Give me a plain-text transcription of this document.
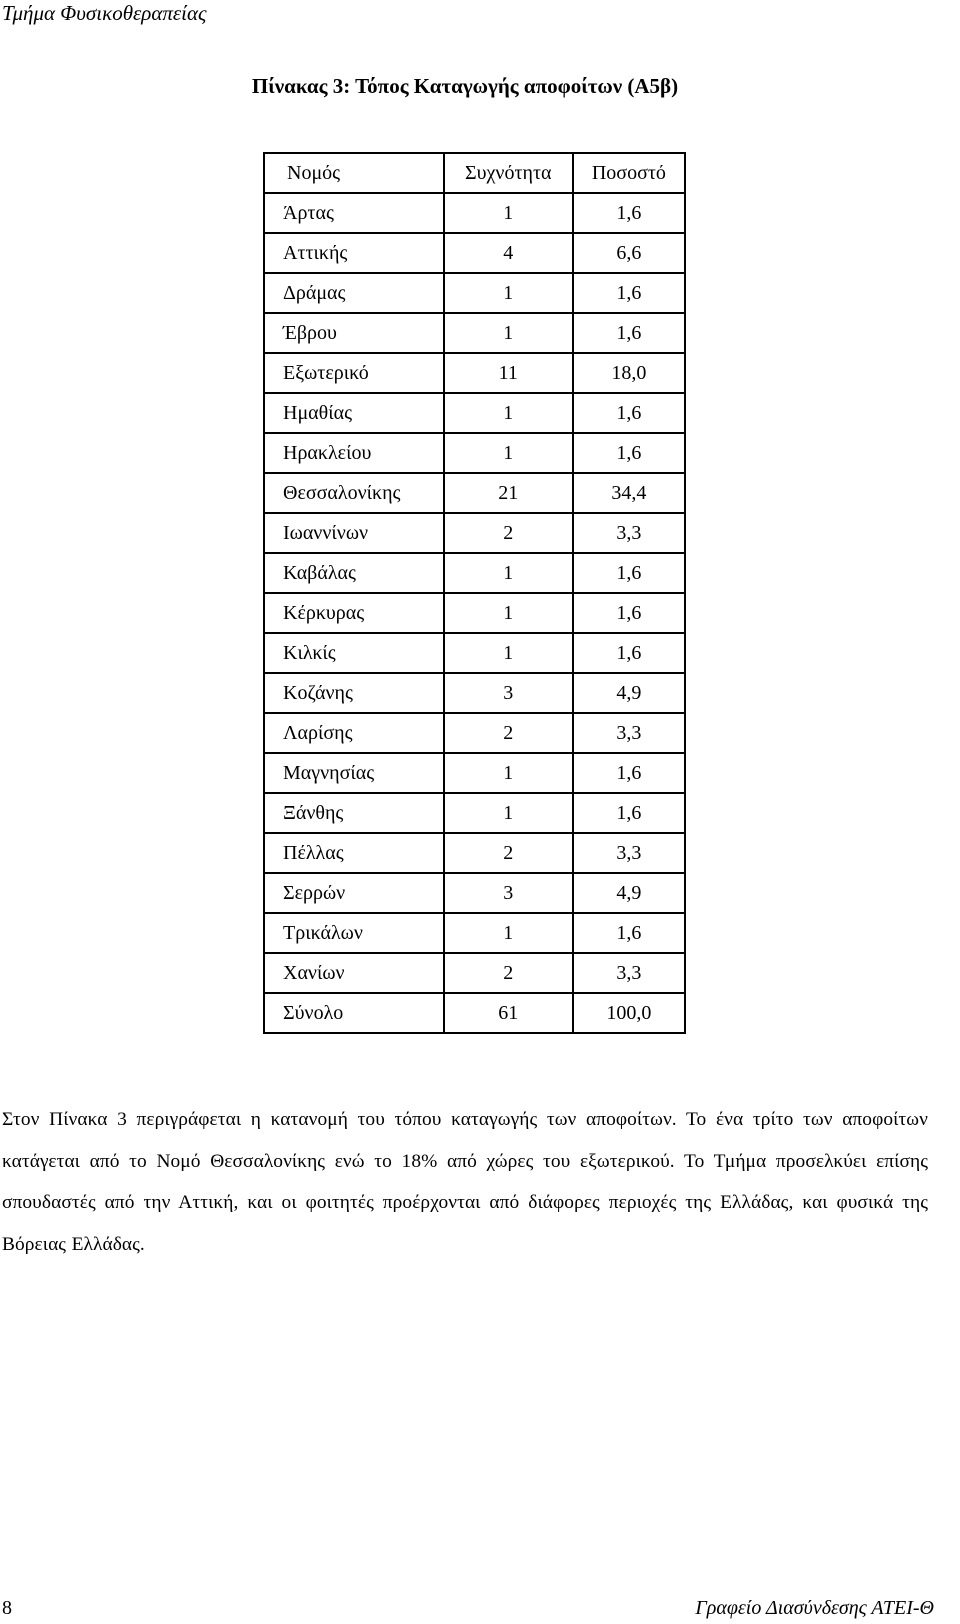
Τμήμα Φυσικοθεραπείας
Πίνακας 3: Τόπος Καταγωγής αποφοίτων (Α5β)
Νομός	Συχνότητα	Ποσοστό
Άρτας	1	1,6
Αττικής	4	6,6
Δράμας	1	1,6
Έβρου	1	1,6
Εξωτερικό	11	18,0
Ημαθίας	1	1,6
Ηρακλείου	1	1,6
Θεσσαλονίκης	21	34,4
Ιωαννίνων	2	3,3
Καβάλας	1	1,6
Κέρκυρας	1	1,6
Κιλκίς	1	1,6
Κοζάνης	3	4,9
Λαρίσης	2	3,3
Μαγνησίας	1	1,6
Ξάνθης	1	1,6
Πέλλας	2	3,3
Σερρών	3	4,9
Τρικάλων	1	1,6
Χανίων	2	3,3
Σύνολο	61	100,0
Στον Πίνακα 3 περιγράφεται η κατανομή του τόπου καταγωγής των αποφοίτων. Το ένα τρίτο των αποφοίτων κατάγεται από το Νομό Θεσσαλονίκης ενώ το 18% από χώρες του εξωτερικού. Το Τμήμα προσελκύει επίσης σπουδαστές από την Αττική, και οι φοιτητές προέρχονται από διάφορες περιοχές της Ελλάδας, και φυσικά της Βόρειας Ελλάδας.
8	Γραφείο Διασύνδεσης ΑΤΕΙ-Θ
